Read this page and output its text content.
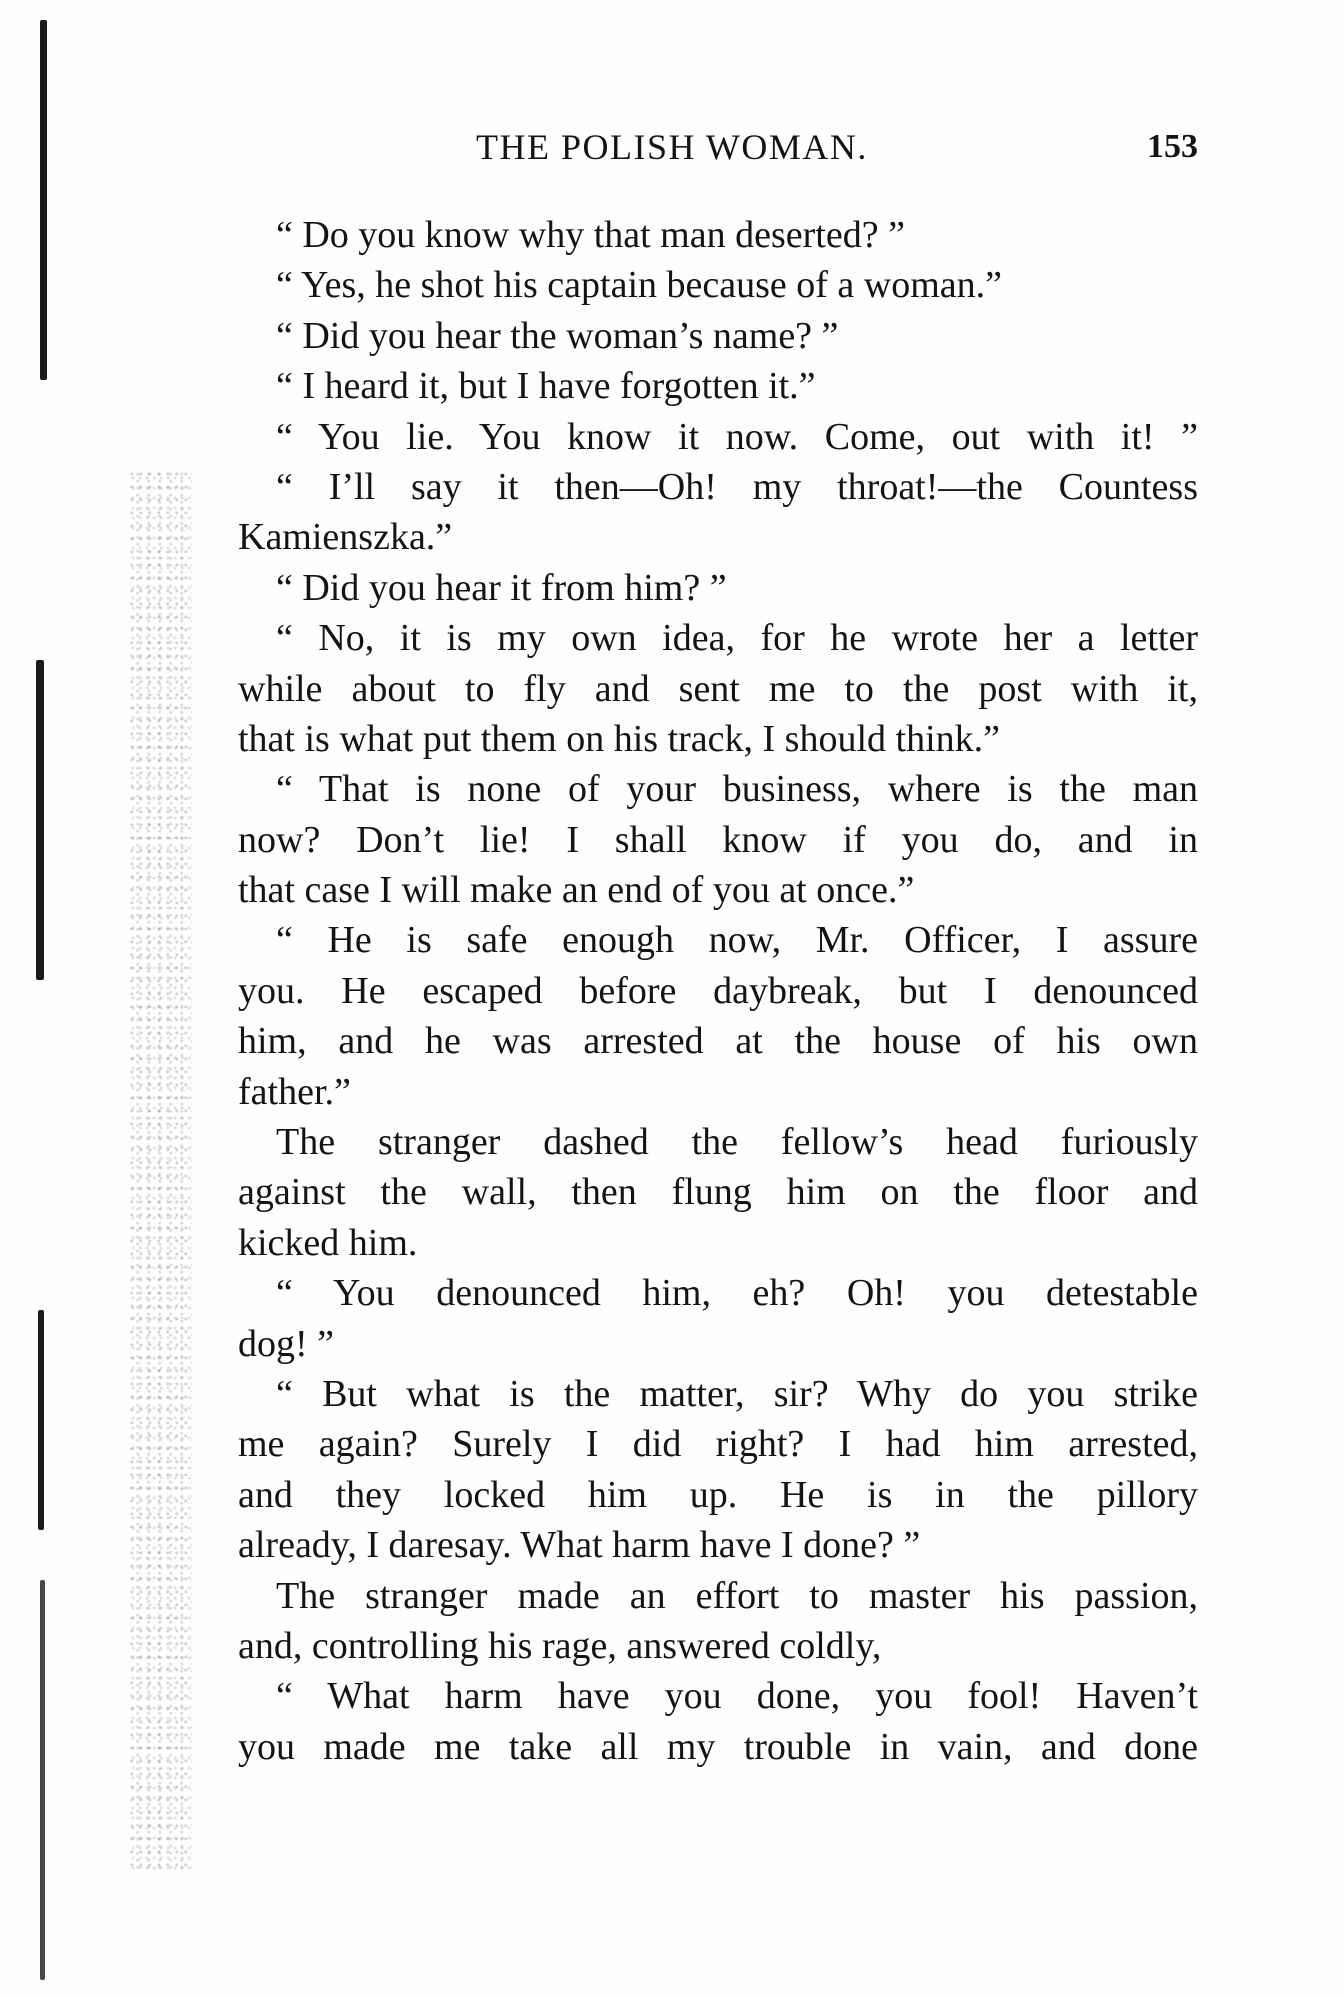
THE POLISH WOMAN.	153
“ Do you know why that man deserted? ”
“ Yes, he shot his captain because of a woman.”
“ Did you hear the woman’s name? ”
“ I heard it, but I have forgotten it.”
“ You lie. You know it now. Come, out with it! ”
“ I’ll say it then—Oh! my throat!—the Countess
Kamienszka.”
“ Did you hear it from him? ”
“ No, it is my own idea, for he wrote her a letter
while about to fly and sent me to the post with it,
that is what put them on his track, I should think.”
“ That is none of your business, where is the man
now? Don’t lie! I shall know if you do, and in
that case I will make an end of you at once.”
“ He is safe enough now, Mr. Officer, I assure
you. He escaped before daybreak, but I denounced
him, and he was arrested at the house of his own
father.”
The stranger dashed the fellow’s head furiously
against the wall, then flung him on the floor and
kicked him.
“ You denounced him, eh? Oh! you detestable
dog! ”
“ But what is the matter, sir? Why do you strike
me again? Surely I did right? I had him arrested,
and they locked him up. He is in the pillory
already, I daresay. What harm have I done? ”
The stranger made an effort to master his passion,
and, controlling his rage, answered coldly,
“ What harm have you done, you fool! Haven’t
you made me take all my trouble in vain, and done
